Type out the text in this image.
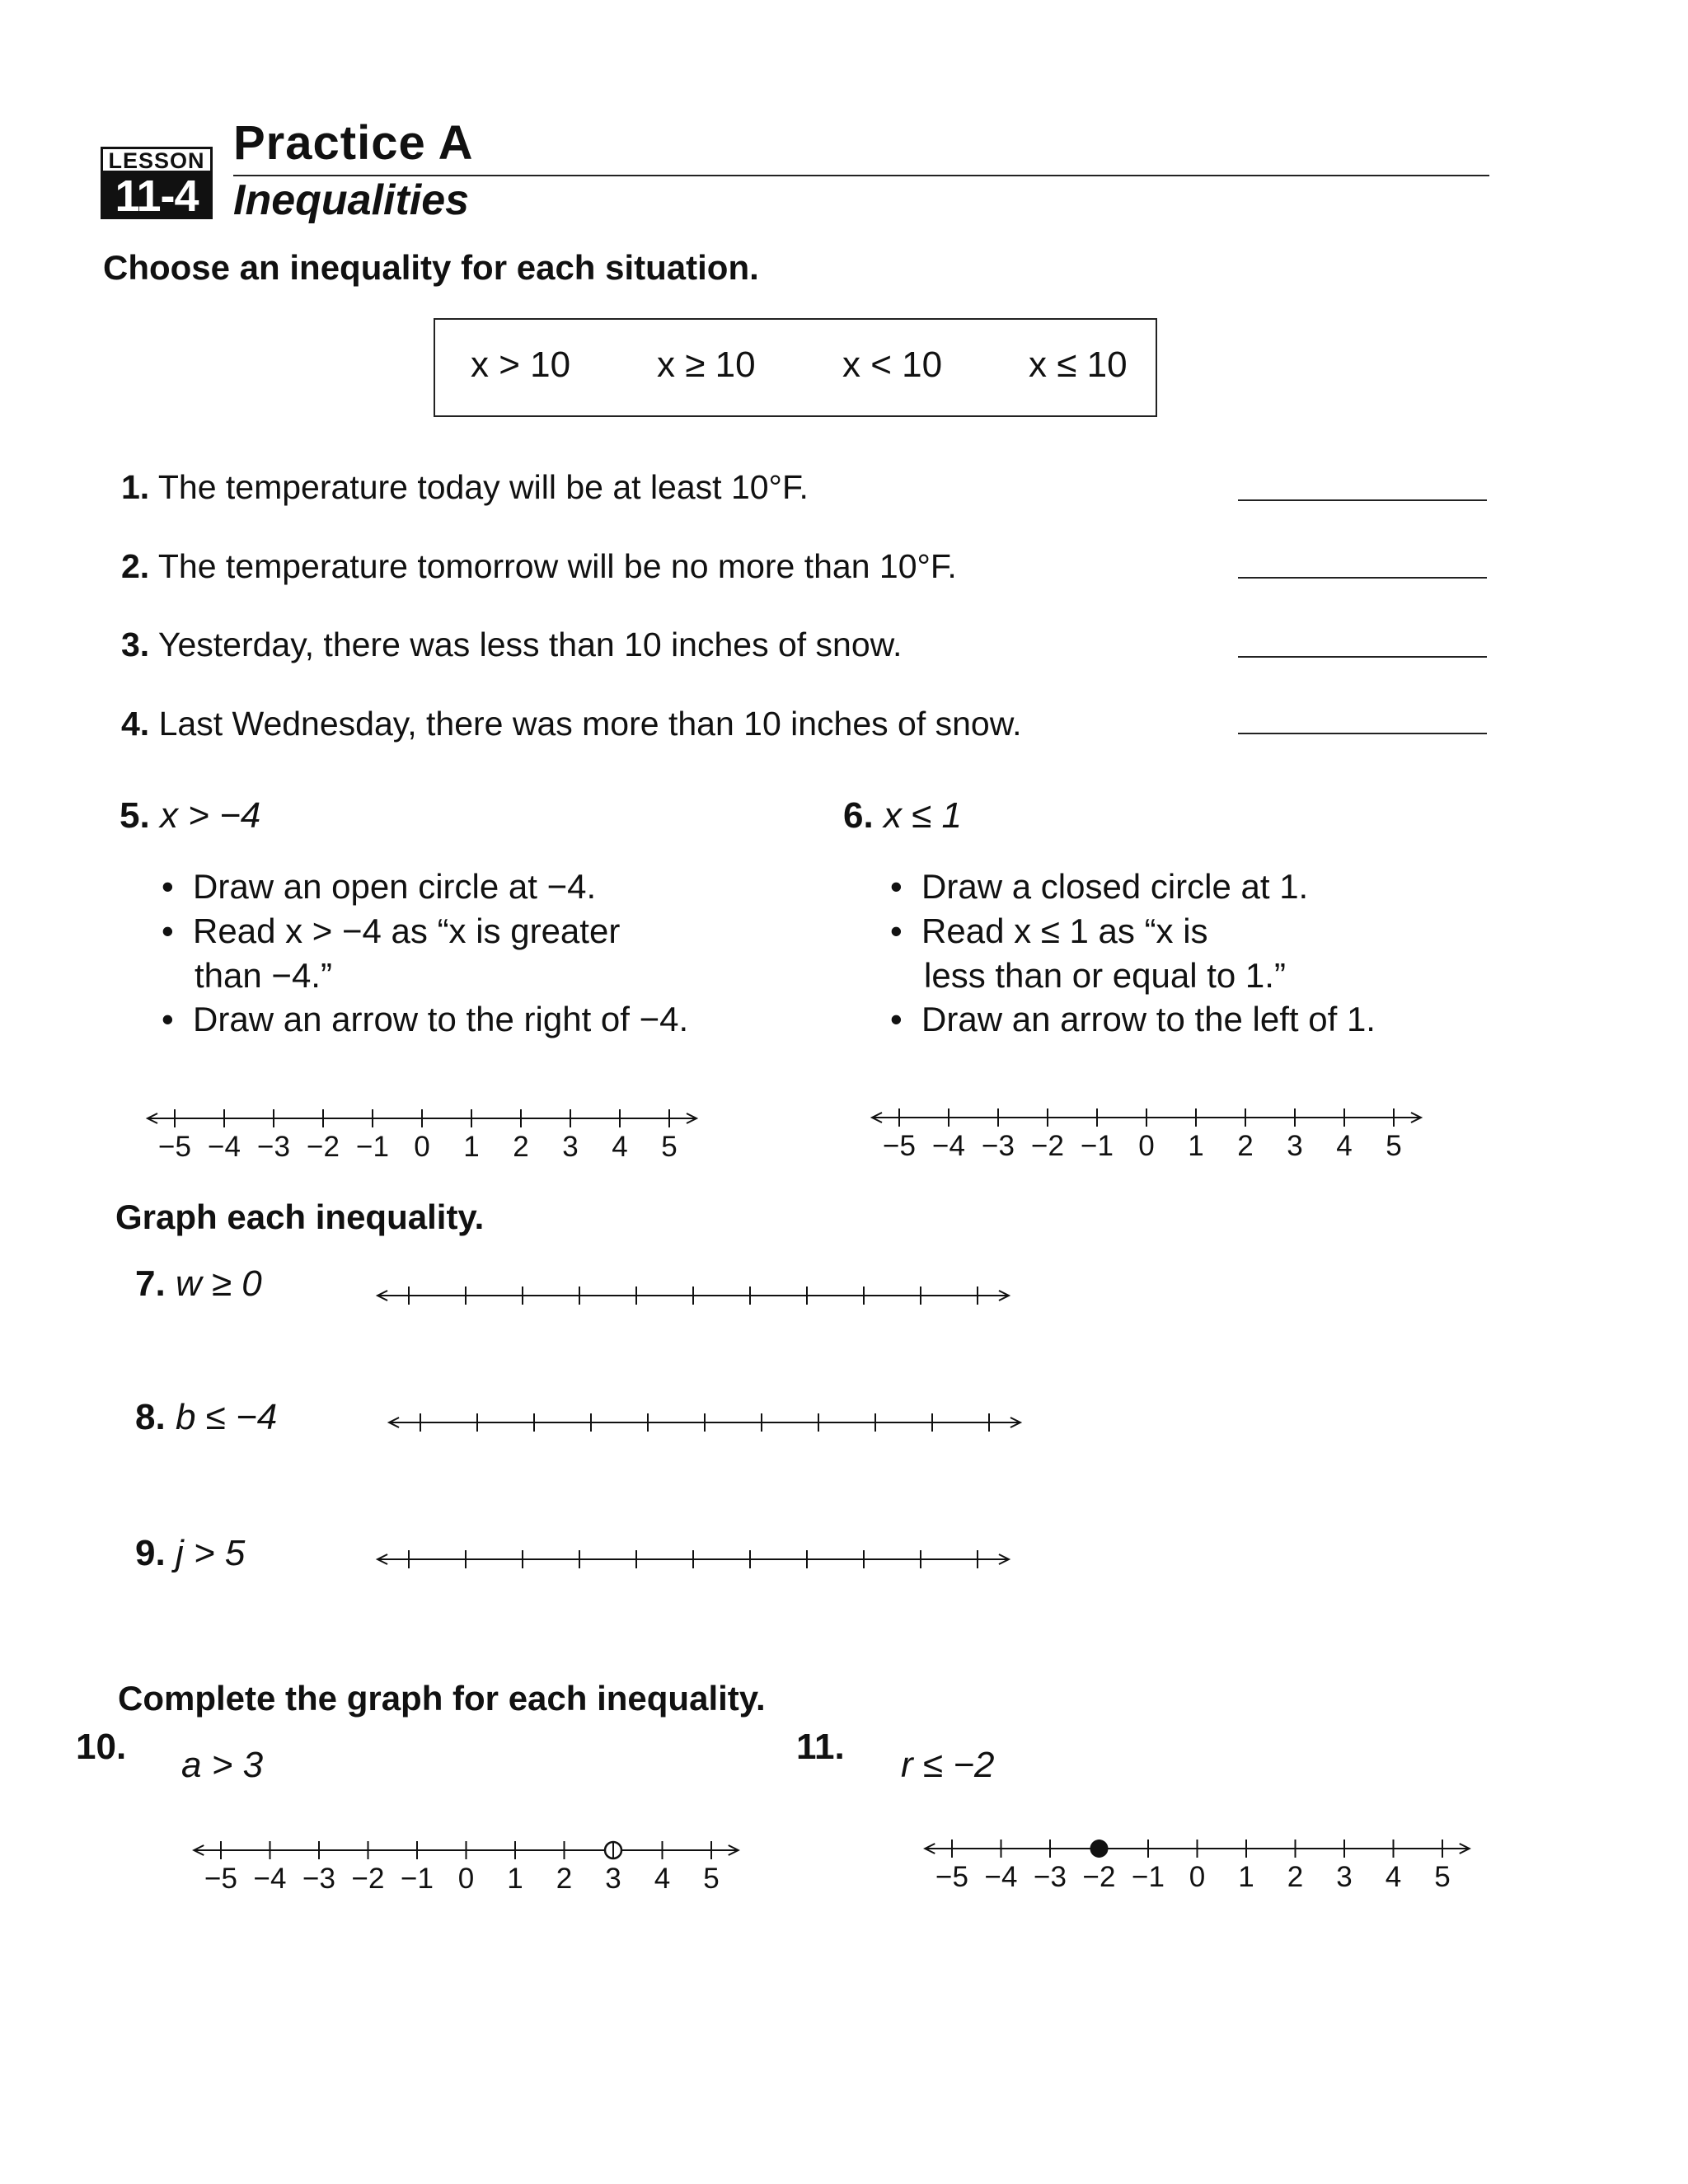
LESSON
11-4
Practice A
Inequalities
Choose an inequality for each situation.
x > 10 x ≥ 10 x < 10 x ≤ 10
1. The temperature today will be at least 10°F.
2. The temperature tomorrow will be no more than 10°F.
3. Yesterday, there was less than 10 inches of snow.
4. Last Wednesday, there was more than 10 inches of snow.
5. x > −4
•  Draw an open circle at −4.
•  Read x > −4 as “x is greater
than −4.”
•  Draw an arrow to the right of −4.
6. x ≤ 1
•  Draw a closed circle at 1.
•  Read x ≤ 1 as “x is
less than or equal to 1.”
•  Draw an arrow to the left of 1.
−5 −4 −3 −2 −1 0 1 2 3 4 5	−5 −4 −3 −2 −1 0 1 2 3 4 5
Graph each inequality.
7. w ≥ 0
8. b ≤ −4
9. j > 5
Complete the graph for each inequality.
10. a > 3
−5 −4 −3 −2 −1 0 1 2 3 4 5
11. r ≤ −2
−5 −4 −3 −2 −1 0 1 2 3 4 5
